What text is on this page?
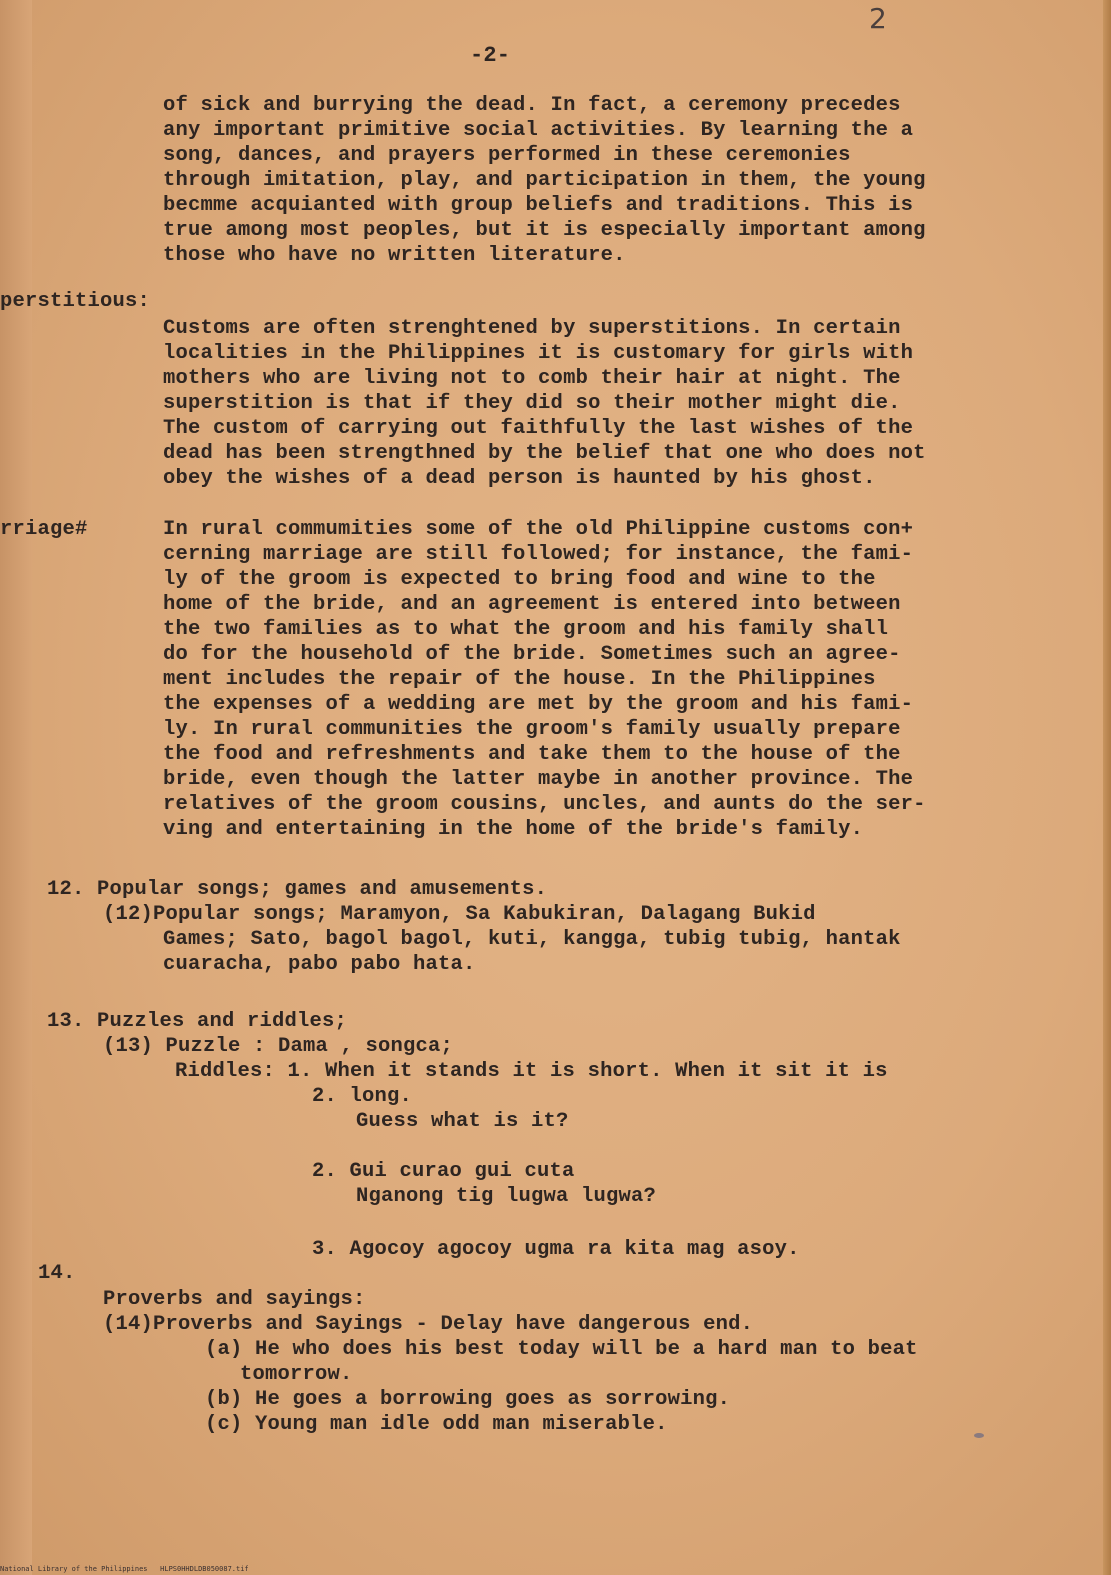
2
-2-
of sick and burrying the dead. In fact, a ceremony precedes
any important primitive social activities. By learning the a
song, dances, and prayers performed in these ceremonies
through imitation, play, and participation in them, the young
becmme acquianted with group beliefs and traditions. This is
true among most peoples, but it is especially important among
those who have no written literature.
perstitious:
Customs are often strenghtened by superstitions. In certain
localities in the Philippines it is customary for girls with
mothers who are living not to comb their hair at night. The
superstition is that if they did so their mother might die.
The custom of carrying out faithfully the last wishes of the
dead has been strengthned by the belief that one who does not
obey the wishes of a dead person is haunted by his ghost.
rriage#	In rural commumities some of the old Philippine customs con+
cerning marriage are still followed; for instance, the fami-
ly of the groom is expected to bring food and wine to the
home of the bride, and an agreement is entered into between
the two families as to what the groom and his family shall
do for the household of the bride. Sometimes such an agree-
ment includes the repair of the house. In the Philippines
the expenses of a wedding are met by the groom and his fami-
ly. In rural communities the groom's family usually prepare
the food and refreshments and take them to the house of the
bride, even though the latter maybe in another province. The
relatives of the groom cousins, uncles, and aunts do the ser-
ving and entertaining in the home of the bride's family.
12. Popular songs; games and amusements.
(12)Popular songs; Maramyon, Sa Kabukiran, Dalagang Bukid
Games; Sato, bagol bagol, kuti, kangga, tubig tubig, hantak
cuaracha, pabo pabo hata.
13. Puzzles and riddles;
(13) Puzzle : Dama , songca;
Riddles: 1. When it stands it is short. When it sit it is
2. long.
Guess what is it?
2. Gui curao gui cuta
Nganong tig lugwa lugwa?
3. Agocoy agocoy ugma ra kita mag asoy.
14.
Proverbs and sayings:
(14)Proverbs and Sayings - Delay have dangerous end.
(a) He who does his best today will be a hard man to beat
tomorrow.
(b) He goes a borrowing goes as sorrowing.
(c) Young man idle odd man miserable.
National Library of the Philippines   HLPS0HHDLDB050087.tif
